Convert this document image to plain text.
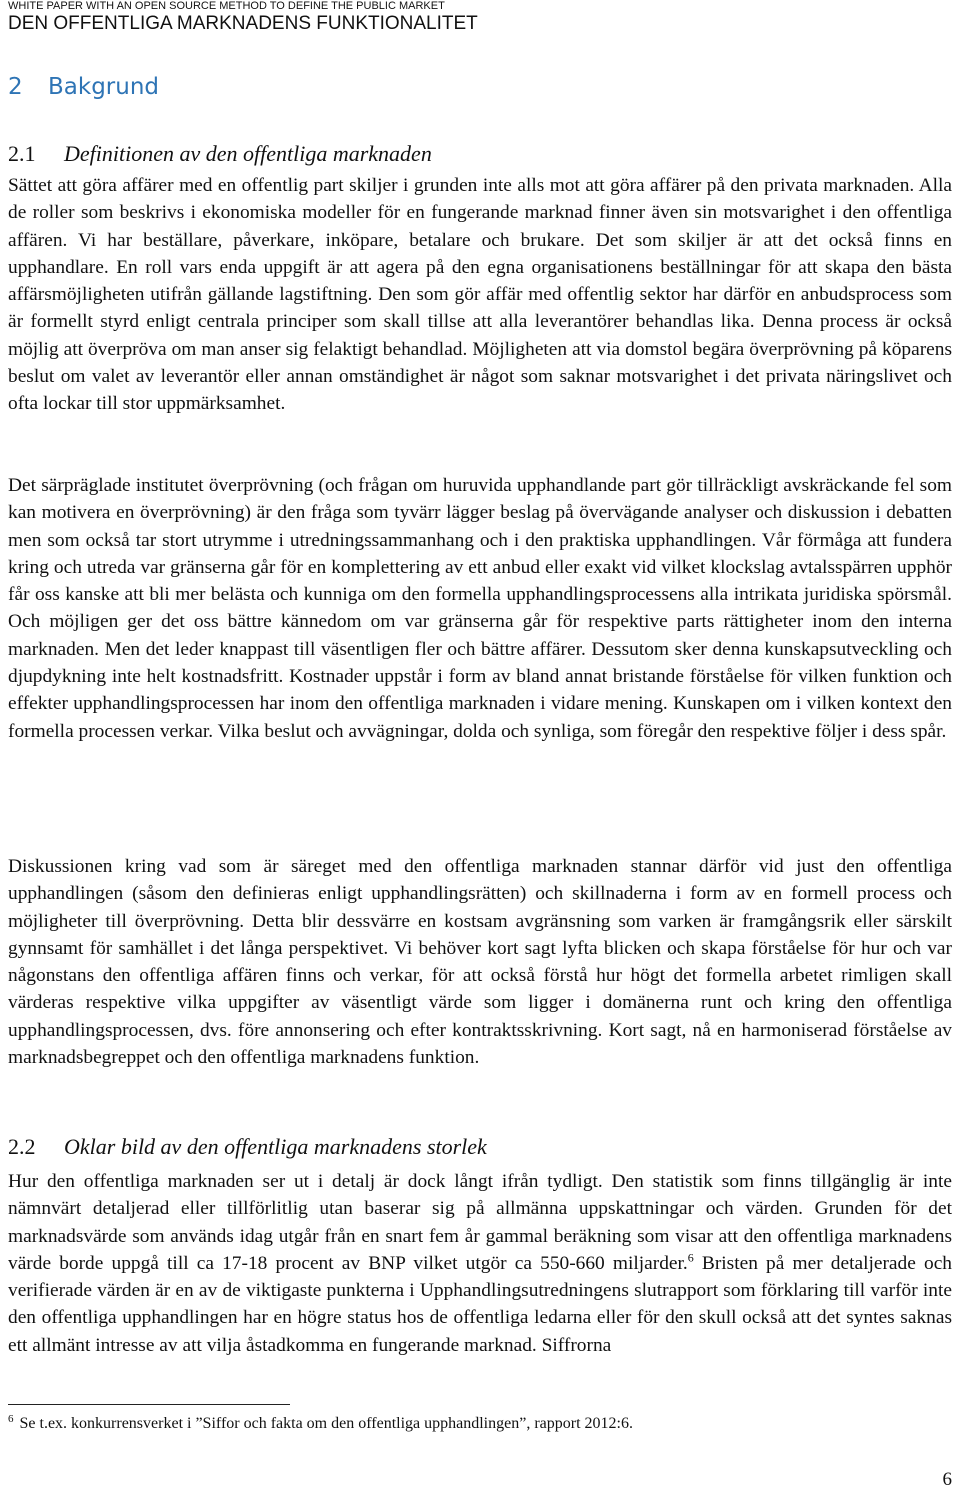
WHITE PAPER WITH AN OPEN SOURCE METHOD TO DEFINE THE PUBLIC MARKET
DEN OFFENTLIGA MARKNADENS FUNKTIONALITET
2 Bakgrund
2.1 Definitionen av den offentliga marknaden

Sättet att göra affärer med en offentlig part skiljer i grunden inte alls mot att göra affärer på den privata marknaden. Alla de roller som beskrivs i ekonomiska modeller för en fungerande marknad finner även sin motsvarighet i den offentliga affären. Vi har beställare, påverkare, inköpare, betalare och brukare. Det som skiljer är att det också finns en upphandlare. En roll vars enda uppgift är att agera på den egna organisationens beställningar för att skapa den bästa affärsmöjligheten utifrån gällande lagstiftning. Den som gör affär med offentlig sektor har därför en anbudsprocess som är formellt styrd enligt centrala principer som skall tillse att alla leverantörer behandlas lika. Denna process är också möjlig att överpröva om man anser sig felaktigt behandlad. Möjligheten att via domstol begära överprövning på köparens beslut om valet av leverantör eller annan omständighet är något som saknar motsvarighet i det privata näringslivet och ofta lockar till stor uppmärksamhet.

Det särpräglade institutet överprövning (och frågan om huruvida upphandlande part gör tillräckligt avskräckande fel som kan motivera en överprövning) är den fråga som tyvärr lägger beslag på övervägande analyser och diskussion i debatten men som också tar stort utrymme i utredningssammanhang och i den praktiska upphandlingen. Vår förmåga att fundera kring och utreda var gränserna går för en komplettering av ett anbud eller exakt vid vilket klockslag avtalsspärren upphör får oss kanske att bli mer belästa och kunniga om den formella upphandlingsprocessens alla intrikata juridiska spörsmål. Och möjligen ger det oss bättre kännedom om var gränserna går för respektive parts rättigheter inom den interna marknaden. Men det leder knappast till väsentligen fler och bättre affärer. Dessutom sker denna kunskapsutveckling och djupdykning inte helt kostnadsfritt. Kostnader uppstår i form av bland annat bristande förståelse för vilken funktion och effekter upphandlingsprocessen har inom den offentliga marknaden i vidare mening. Kunskapen om i vilken kontext den formella processen verkar. Vilka beslut och avvägningar, dolda och synliga, som föregår den respektive följer i dess spår.

Diskussionen kring vad som är säreget med den offentliga marknaden stannar därför vid just den offentliga upphandlingen (såsom den definieras enligt upphandlingsrätten) och skillnaderna i form av en formell process och möjligheter till överprövning. Detta blir dessvärre en kostsam avgränsning som varken är framgångsrik eller särskilt gynnsamt för samhället i det långa perspektivet. Vi behöver kort sagt lyfta blicken och skapa förståelse för hur och var någonstans den offentliga affären finns och verkar, för att också förstå hur högt det formella arbetet rimligen skall värderas respektive vilka uppgifter av väsentligt värde som ligger i domänerna runt och kring den offentliga upphandlingsprocessen, dvs. före annonsering och efter kontraktsskrivning. Kort sagt, nå en harmoniserad förståelse av marknadsbegreppet och den offentliga marknadens funktion.

2.2 Oklar bild av den offentliga marknadens storlek

Hur den offentliga marknaden ser ut i detalj är dock långt ifrån tydligt. Den statistik som finns tillgänglig är inte nämnvärt detaljerad eller tillförlitlig utan baserar sig på allmänna uppskattningar och värden. Grunden för det marknadsvärde som används idag utgår från en snart fem år gammal beräkning som visar att den offentliga marknadens värde borde uppgå till ca 17-18 procent av BNP vilket utgör ca 550-660 miljarder.$^6$ Bristen på mer detaljerade och verifierade värden är en av de viktigaste punkterna i Upphandlingsutredningens slutrapport som förklaring till varför inte den offentliga upphandlingen har en högre status hos de offentliga ledarna eller för den skull också att det syntes saknas ett allmänt intresse av att vilja åstadkomma en fungerande marknad. Siffrorna

$^6$ Se t.ex. konkurrensverket i ”Siffor och fakta om den offentliga upphandlingen”, rapport 2012:6.
6
